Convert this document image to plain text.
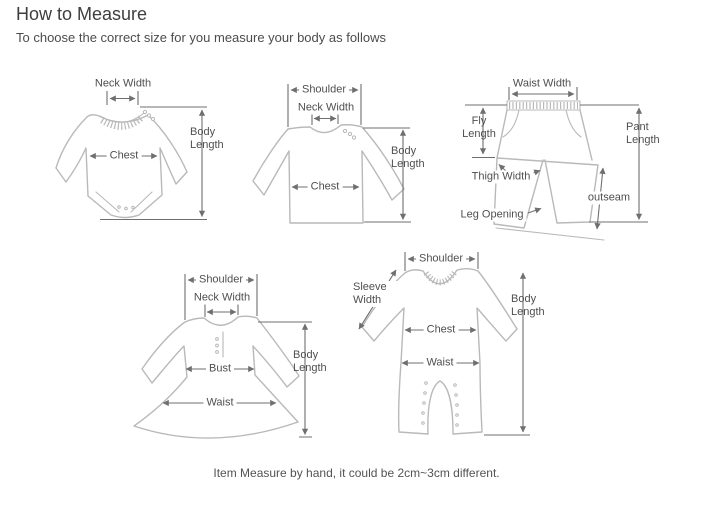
How to Measure

To choose the correct size for you measure your body as follows

Neck Width
Body Length
Chest
Shoulder
Neck Width
Body Length
Chest
Waist Width
Fly Length
Pant Length
Thigh Width
outseam
Leg Opening
Shoulder
Neck Width
Bust
Waist
Body Length
Shoulder
Sleeve Width	Body Length
Chest
Waist

Item Measure by hand, it could be 2cm~3cm different.
